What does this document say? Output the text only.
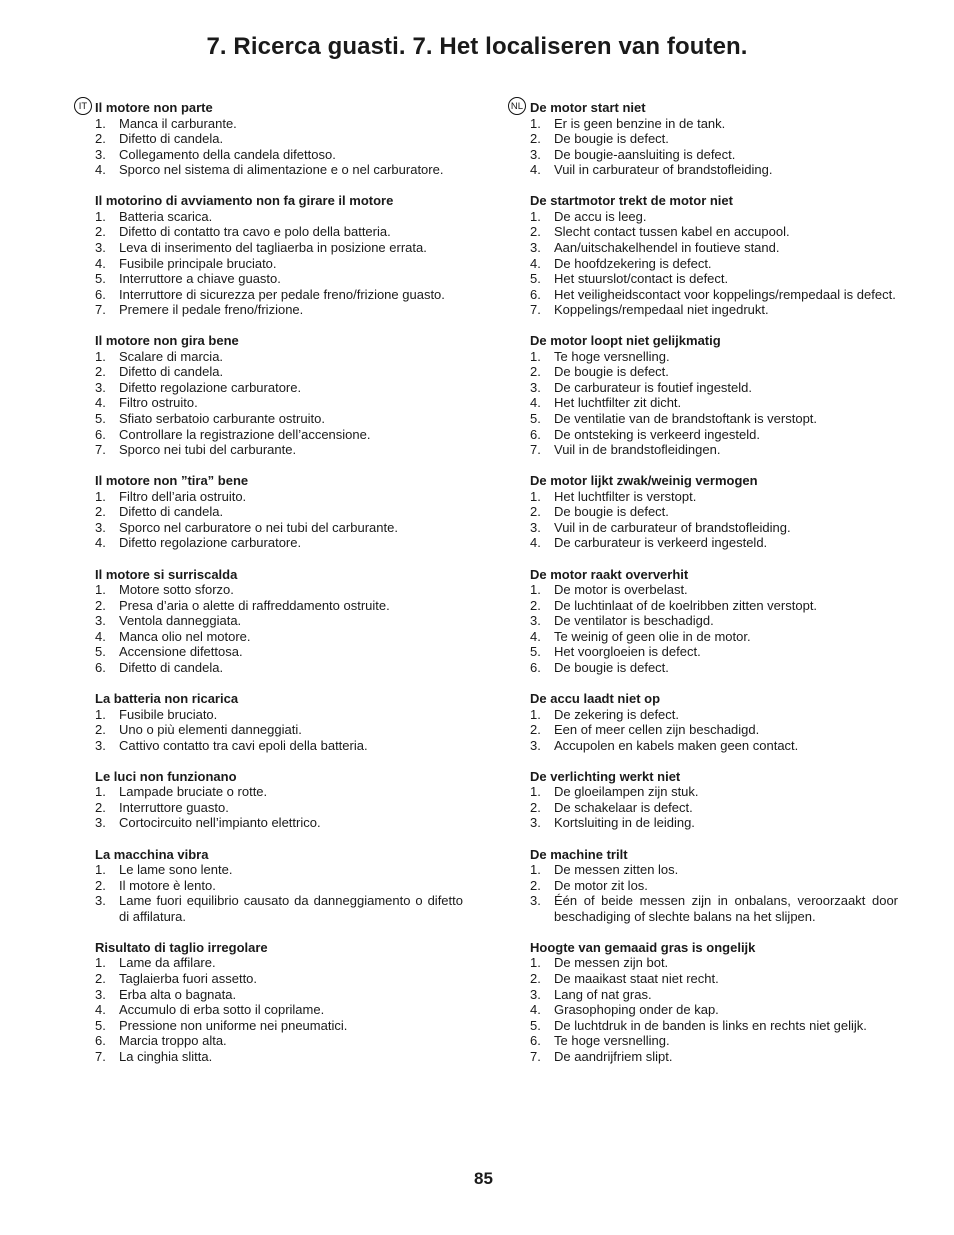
7. Ricerca guasti. 7. Het localiseren van fouten.
IT Il motore non parte
1.	Manca il carburante.
2.	Difetto di candela.
3.	Collegamento della candela difettoso.
4.	Sporco nel sistema di alimentazione e o nel carburatore.
Il motorino di avviamento non fa girare il motore
1.	Batteria scarica.
2.	Difetto di contatto tra cavo e polo della batteria.
3.	Leva di inserimento del tagliaerba in posizione errata.
4.	Fusibile principale bruciato.
5.	Interruttore a chiave guasto.
6.	Interruttore di sicurezza per pedale freno/frizione guasto.
7.	Premere il pedale freno/frizione.
Il motore non gira bene
1.	Scalare di marcia.
2.	Difetto di candela.
3.	Difetto regolazione carburatore.
4.	Filtro ostruito.
5.	Sfiato serbatoio carburante ostruito.
6.	Controllare la registrazione dell’accensione.
7.	Sporco nei tubi del carburante.
Il motore non ”tira” bene
1.	Filtro dell’aria ostruito.
2.	Difetto di candela.
3.	Sporco nel carburatore o nei tubi del carburante.
4.	Difetto regolazione carburatore.
Il motore si surriscalda
1.	Motore sotto sforzo.
2.	Presa d’aria o alette di raffreddamento ostruite.
3.	Ventola danneggiata.
4.	Manca olio nel motore.
5.	Accensione difettosa.
6.	Difetto di candela.
La batteria non ricarica
1.	Fusibile bruciato.
2.	Uno o più elementi danneggiati.
3.	Cattivo contatto tra cavi epoli della batteria.
Le luci non funzionano
1.	Lampade bruciate o rotte.
2.	Interruttore guasto.
3.	Cortocircuito nell’impianto elettrico.
La macchina vibra
1.	Le lame sono lente.
2.	Il motore è lento.
3.	Lame fuori equilibrio causato da danneggiamento o difetto di affilatura.
Risultato di taglio irregolare
1.	Lame da affilare.
2.	Taglaierba fuori assetto.
3.	Erba alta o bagnata.
4.	Accumulo di erba sotto il coprilame.
5.	Pressione non uniforme nei pneumatici.
6.	Marcia troppo alta.
7.	La cinghia slitta.
NL De motor start niet
1.	Er is geen benzine in de tank.
2.	De bougie is defect.
3.	De bougie-aansluiting is defect.
4.	Vuil in carburateur of brandstofleiding.
De startmotor trekt de motor niet
1.	De accu is leeg.
2.	Slecht contact tussen kabel en accupool.
3.	Aan/uitschakelhendel in foutieve stand.
4.	De hoofdzekering is defect.
5.	Het stuurslot/contact is defect.
6.	Het veiligheidscontact voor koppelings/rempedaal is defect.
7.	Koppelings/rempedaal niet ingedrukt.
De motor loopt niet gelijkmatig
1.	Te hoge versnelling.
2.	De bougie is defect.
3.	De carburateur is foutief ingesteld.
4.	Het luchtfilter zit dicht.
5.	De ventilatie van de brandstoftank is verstopt.
6.	De ontsteking is verkeerd ingesteld.
7.	Vuil in de brandstofleidingen.
De motor lijkt zwak/weinig vermogen
1.	Het luchtfilter is verstopt.
2.	De bougie is defect.
3.	Vuil in de carburateur of brandstofleiding.
4.	De carburateur is verkeerd ingesteld.
De motor raakt oververhit
1.	De motor is overbelast.
2.	De luchtinlaat of de koelribben zitten verstopt.
3.	De ventilator is beschadigd.
4.	Te weinig of geen olie in de motor.
5.	Het voorgloeien is defect.
6.	De bougie is defect.
De accu laadt niet op
1.	De zekering is defect.
2.	Een of meer cellen zijn beschadigd.
3.	Accupolen en kabels maken geen contact.
De verlichting werkt niet
1.	De gloeilampen zijn stuk.
2.	De schakelaar is defect.
3.	Kortsluiting in de leiding.
De machine trilt
1.	De messen zitten los.
2.	De motor zit los.
3.	Één of beide messen zijn in onbalans, veroorzaakt door beschadiging of slechte balans na het slijpen.
Hoogte van gemaaid gras is ongelijk
1.	De messen zijn bot.
2.	De maaikast staat niet recht.
3.	Lang of nat gras.
4.	Grasophoping onder de kap.
5.	De luchtdruk in de banden is links en rechts niet gelijk.
6.	Te hoge versnelling.
7.	De aandrijfriem slipt.
85
